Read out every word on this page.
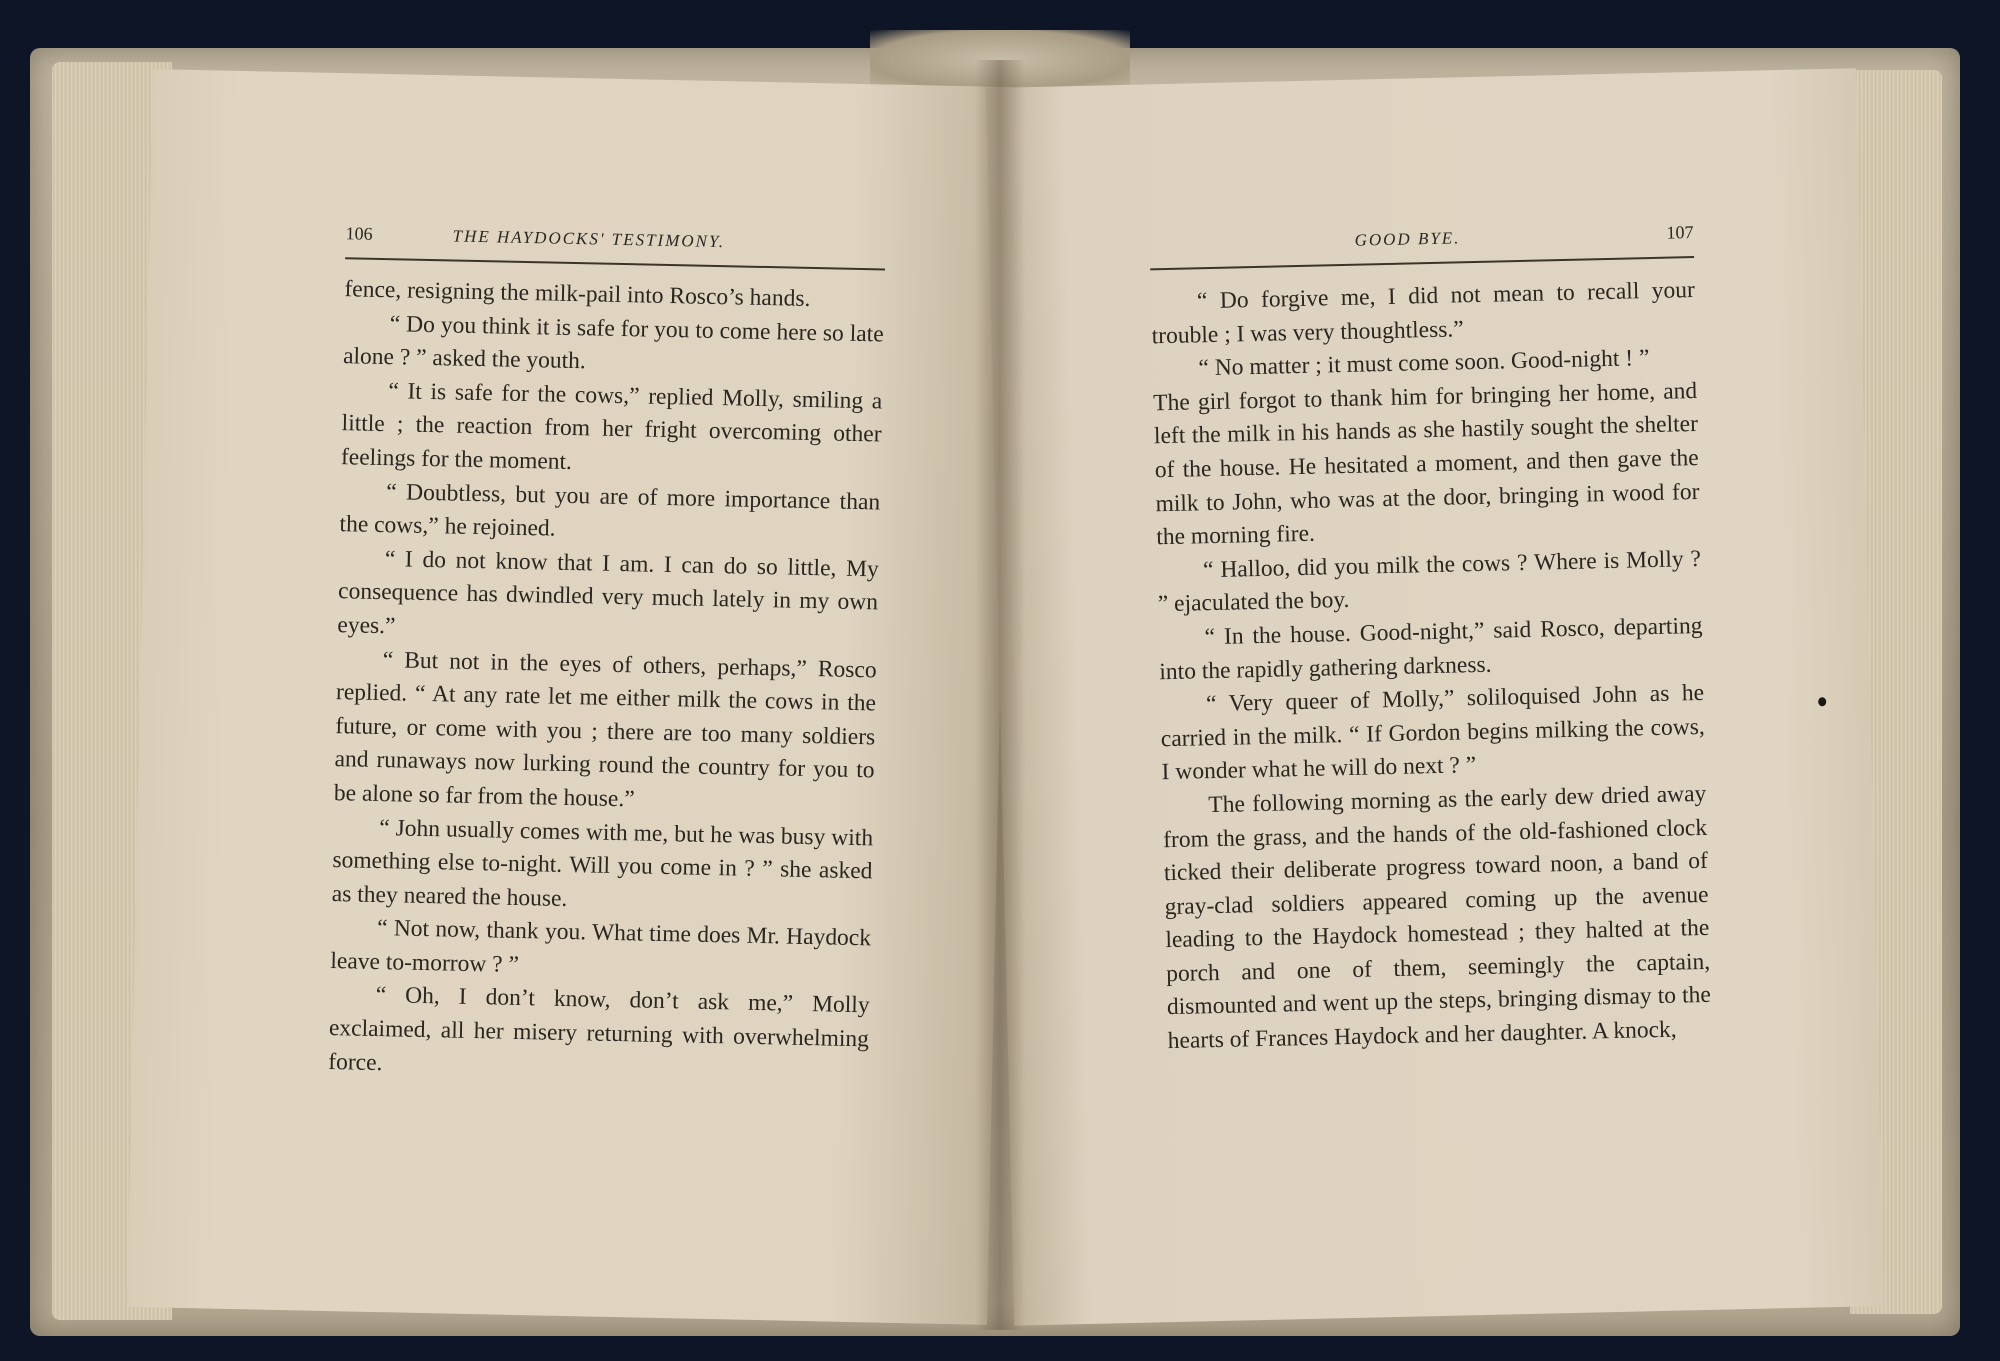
106	THE HAYDOCKS' TESTIMONY.

fence, resigning the milk-pail into Rosco’s hands.

“ Do you think it is safe for you to come here so late alone ? ” asked the youth.

“ It is safe for the cows,” replied Molly, smiling a little ; the reaction from her fright overcoming other feelings for the moment.

“ Doubtless, but you are of more importance than the cows,” he rejoined.

“ I do not know that I am. I can do so little, My consequence has dwindled very much lately in my own eyes.”

“ But not in the eyes of others, perhaps,” Rosco replied. “ At any rate let me either milk the cows in the future, or come with you ; there are too many soldiers and runaways now lurking round the country for you to be alone so far from the house.”

“ John usually comes with me, but he was busy with something else to-night. Will you come in ? ” she asked as they neared the house.

“ Not now, thank you. What time does Mr. Haydock leave to-morrow ? ”

“ Oh, I don’t know, don’t ask me,” Molly exclaimed, all her misery returning with overwhelming force.

GOOD BYE.	107

“ Do forgive me, I did not mean to recall your trouble ; I was very thoughtless.”

“ No matter ; it must come soon. Good-night ! ”

The girl forgot to thank him for bringing her home, and left the milk in his hands as she hastily sought the shelter of the house. He hesitated a moment, and then gave the milk to John, who was at the door, bringing in wood for the morning fire.

“ Halloo, did you milk the cows ? Where is Molly ? ” ejaculated the boy.

“ In the house. Good-night,” said Rosco, departing into the rapidly gathering darkness.

“ Very queer of Molly,” soliloquised John as he carried in the milk. “ If Gordon begins milking the cows, I wonder what he will do next ? ”

The following morning as the early dew dried away from the grass, and the hands of the old-fashioned clock ticked their deliberate progress toward noon, a band of gray-clad soldiers appeared coming up the avenue leading to the Haydock homestead ; they halted at the porch and one of them, seemingly the captain, dismounted and went up the steps, bringing dismay to the hearts of Frances Haydock and her daughter. A knock,
